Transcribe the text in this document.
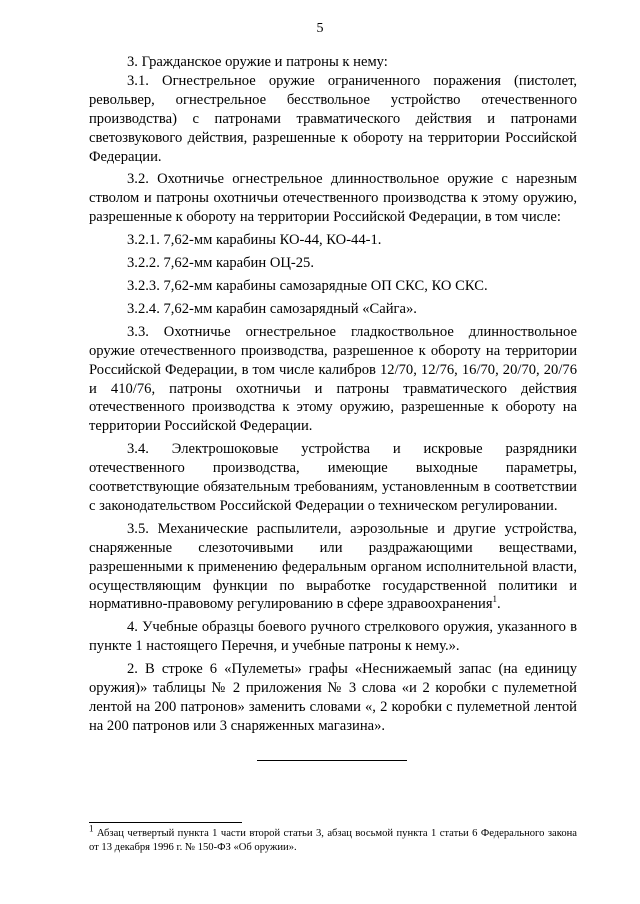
5

3. Гражданское оружие и патроны к нему:

3.1. Огнестрельное оружие ограниченного поражения (пистолет, револьвер, огнестрельное бесствольное устройство отечественного производства) с патронами травматического действия и патронами светозвукового действия, разрешенные к обороту на территории Российской Федерации.

3.2. Охотничье огнестрельное длинноствольное оружие с нарезным стволом и патроны охотничьи отечественного производства к этому оружию, разрешенные к обороту на территории Российской Федерации, в том числе:

3.2.1. 7,62-мм карабины КО-44, КО-44-1.

3.2.2. 7,62-мм карабин ОЦ-25.

3.2.3. 7,62-мм карабины самозарядные ОП СКС, КО СКС.

3.2.4. 7,62-мм карабин самозарядный «Сайга».

3.3. Охотничье огнестрельное гладкоствольное длинноствольное оружие отечественного производства, разрешенное к обороту на территории Российской Федерации, в том числе калибров 12/70, 12/76, 16/70, 20/70, 20/76 и 410/76, патроны охотничьи и патроны травматического действия отечественного производства к этому оружию, разрешенные к обороту на территории Российской Федерации.

3.4. Электрошоковые устройства и искровые разрядники отечественного производства, имеющие выходные параметры, соответствующие обязательным требованиям, установленным в соответствии с законодательством Российской Федерации о техническом регулировании.

3.5. Механические распылители, аэрозольные и другие устройства, снаряженные слезоточивыми или раздражающими веществами, разрешенными к применению федеральным органом исполнительной власти, осуществляющим функции по выработке государственной политики и нормативно-правовому регулированию в сфере здравоохранения$^1$.

4. Учебные образцы боевого ручного стрелкового оружия, указанного в пункте 1 настоящего Перечня, и учебные патроны к нему.».

2. В строке 6 «Пулеметы» графы «Неснижаемый запас (на единицу оружия)» таблицы № 2 приложения № 3 слова «и 2 коробки с пулеметной лентой на 200 патронов» заменить словами «, 2 коробки с пулеметной лентой на 200 патронов или 3 снаряженных магазина».

$^1$ Абзац четвертый пункта 1 части второй статьи 3, абзац восьмой пункта 1 статьи 6 Федерального закона от 13 декабря 1996 г. № 150-ФЗ «Об оружии».
